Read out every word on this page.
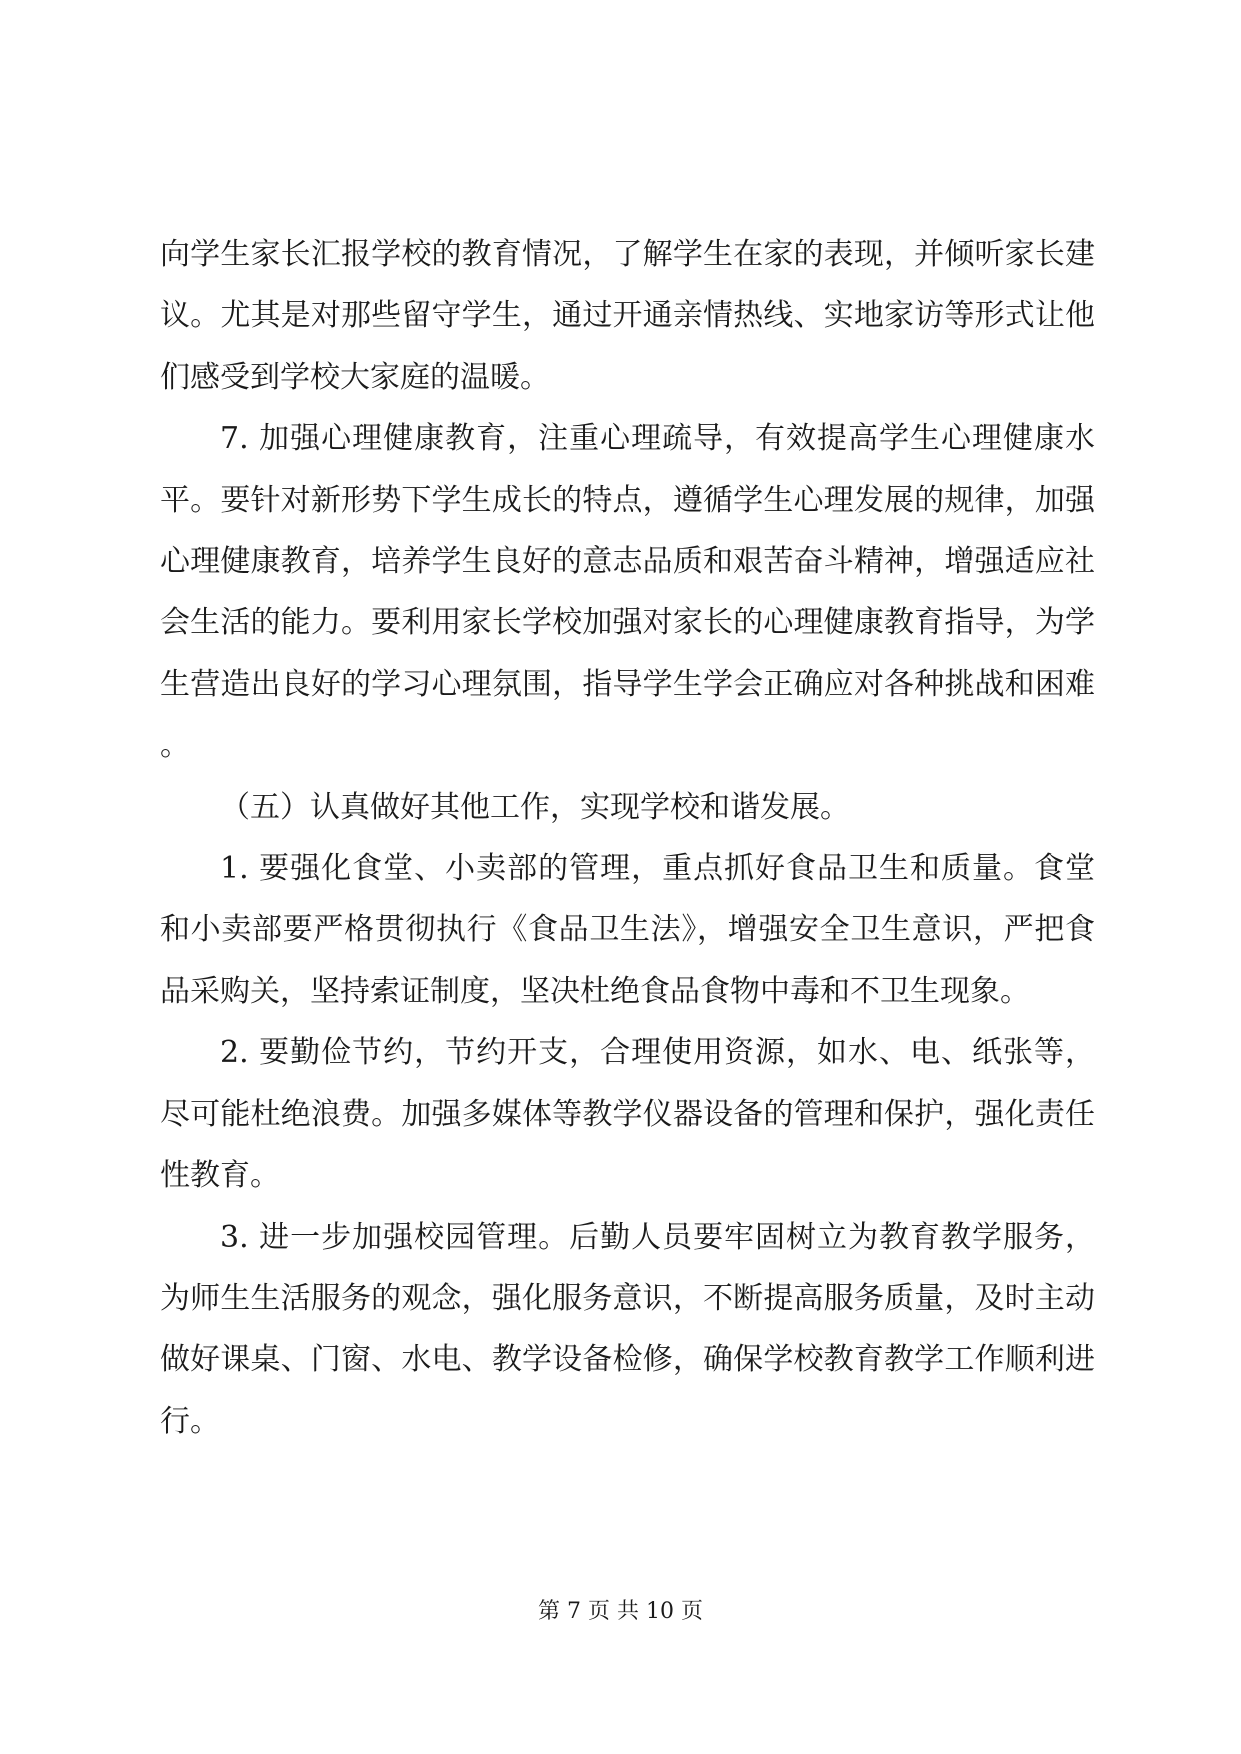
向学生家长汇报学校的教育情况，了解学生在家的表现，并倾听家长建议。尤其是对那些留守学生，通过开通亲情热线、实地家访等形式让他们感受到学校大家庭的温暖。

7. 加强心理健康教育，注重心理疏导，有效提高学生心理健康水平。要针对新形势下学生成长的特点，遵循学生心理发展的规律，加强心理健康教育，培养学生良好的意志品质和艰苦奋斗精神，增强适应社会生活的能力。要利用家长学校加强对家长的心理健康教育指导，为学生营造出良好的学习心理氛围，指导学生学会正确应对各种挑战和困难。

（五）认真做好其他工作，实现学校和谐发展。

1. 要强化食堂、小卖部的管理，重点抓好食品卫生和质量。食堂和小卖部要严格贯彻执行《食品卫生法》，增强安全卫生意识，严把食品采购关，坚持索证制度，坚决杜绝食品食物中毒和不卫生现象。

2. 要勤俭节约，节约开支，合理使用资源，如水、电、纸张等，尽可能杜绝浪费。加强多媒体等教学仪器设备的管理和保护，强化责任性教育。

3. 进一步加强校园管理。后勤人员要牢固树立为教育教学服务，为师生生活服务的观念，强化服务意识，不断提高服务质量，及时主动做好课桌、门窗、水电、教学设备检修，确保学校教育教学工作顺利进行。

第 7 页 共 10 页
